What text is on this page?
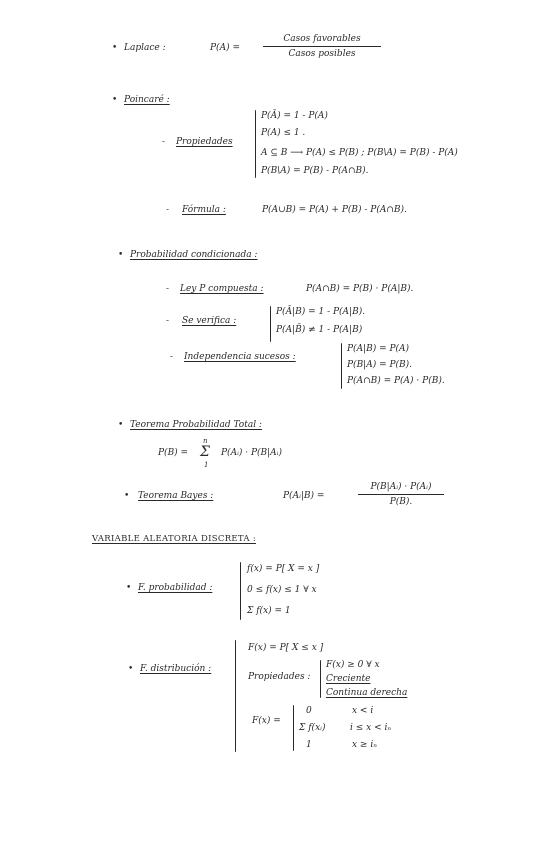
• Laplace :	P(A) =
Casos favorables
Casos posibles
• Poincaré :
- Propiedades
P(Ā) = 1 - P(A)
P(A) ≤ 1 .
A ⊆ B ⟶ P(A) ≤ P(B) ; P(B\A) = P(B) - P(A)
P(B\A) = P(B) - P(A∩B).
- Fórmula :	P(A∪B) = P(A) + P(B) - P(A∩B).
• Probabilidad condicionada :
- Ley P compuesta :	P(A∩B) = P(B) · P(A|B).
- Se verifica :
P(Ā|B) = 1 - P(A|B).
P(A|B̄) ≠ 1 - P(A|B)
- Independencia sucesos :
P(A|B) = P(A)
P(B|A) = P(B).
P(A∩B) = P(A) · P(B).
• Teorema Probabilidad Total :
P(B) =
n
Σ
1
P(Aᵢ) · P(B|Aᵢ)
• Teorema Bayes :	P(Aᵢ|B) =	$\frac{\text{P(B|Aᵢ) · P(Aᵢ)}}{P(B).}$
VARIABLE ALEATORIA DISCRETA :
• F. probabilidad :
f(x) = P[ X = x ]
0 ≤ f(x) ≤ 1 ∀ x
Σ f(x) = 1
• F. distribución :
F(x) = P[ X ≤ x ]
Propiedades :
F(x) ≥ 0 ∀ x
Creciente
Continua derecha
F(x) =
0	x < i
Σ f(xᵢ)	i ≤ x < iₙ
1	x ≥ iₙ
